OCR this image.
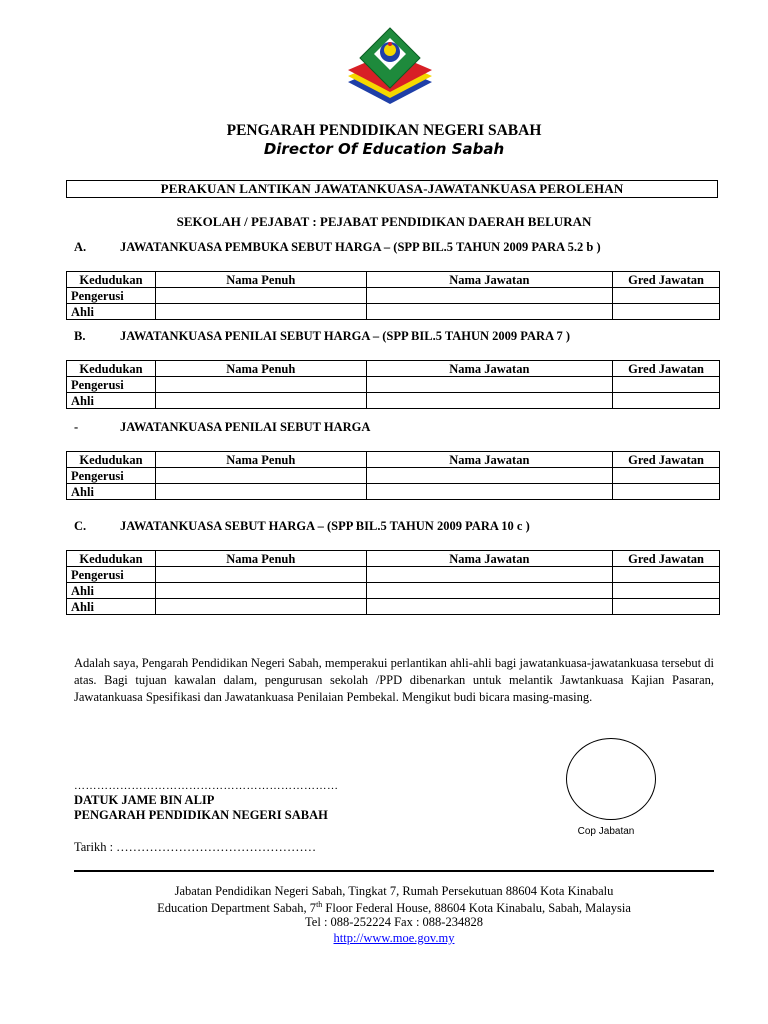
PENGARAH PENDIDIKAN NEGERI SABAH
Director Of Education Sabah
PERAKUAN LANTIKAN JAWATANKUASA-JAWATANKUASA PEROLEHAN
SEKOLAH / PEJABAT : PEJABAT PENDIDIKAN DAERAH BELURAN
A.	JAWATANKUASA PEMBUKA SEBUT HARGA – (SPP BIL.5 TAHUN 2009 PARA 5.2 b )
Kedudukan	Nama Penuh	Nama Jawatan	Gred Jawatan
Pengerusi			
Ahli			
B.	JAWATANKUASA PENILAI SEBUT HARGA – (SPP BIL.5 TAHUN 2009 PARA 7 )
Kedudukan	Nama Penuh	Nama Jawatan	Gred Jawatan
Pengerusi			
Ahli			
-	JAWATANKUASA PENILAI SEBUT HARGA
Kedudukan	Nama Penuh	Nama Jawatan	Gred Jawatan
Pengerusi			
Ahli			
C.	JAWATANKUASA SEBUT HARGA – (SPP BIL.5 TAHUN 2009 PARA 10 c )
Kedudukan	Nama Penuh	Nama Jawatan	Gred Jawatan
Pengerusi			
Ahli			
Ahli			
Adalah saya, Pengarah Pendidikan Negeri Sabah, memperakui perlantikan ahli-ahli bagi jawatankuasa-jawatankuasa tersebut di atas. Bagi tujuan kawalan dalam, pengurusan sekolah /PPD dibenarkan untuk melantik Jawtankuasa Kajian Pasaran, Jawatankuasa Spesifikasi dan Jawatankuasa Penilaian Pembekal. Mengikut budi bicara masing-masing.
……………………………………………………………
DATUK JAME BIN ALIP
PENGARAH PENDIDIKAN NEGERI SABAH
Tarikh : …………………………………………
Cop Jabatan
Jabatan Pendidikan Negeri Sabah, Tingkat 7, Rumah Persekutuan 88604 Kota Kinabalu
Education Department Sabah, 7th Floor Federal House, 88604 Kota Kinabalu, Sabah, Malaysia
Tel : 088-252224 Fax : 088-234828
http://www.moe.gov.my
